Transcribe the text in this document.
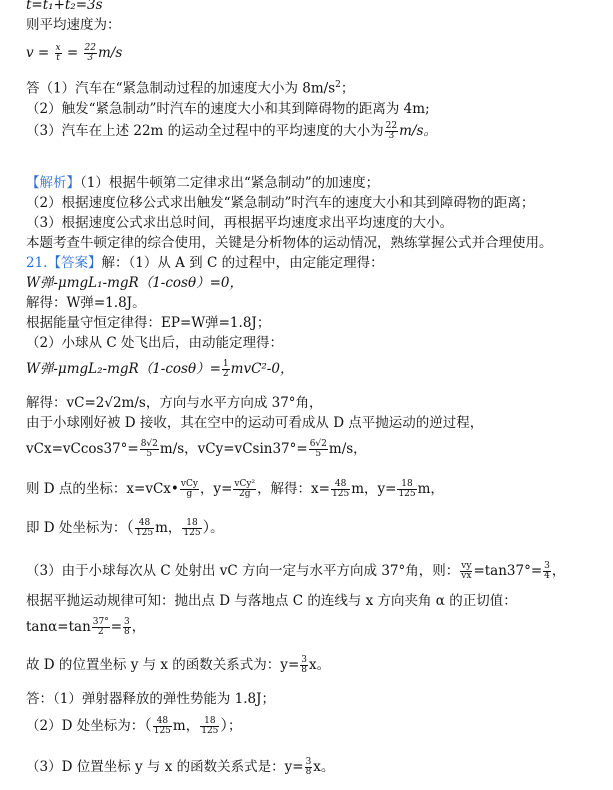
t=t₁+t₂=3s
则平均速度为：
$v = \frac{x}{t} = \frac{22}{3} m/s$
答（1）汽车在“紧急制动过程的加速度大小为 $8m/s^2$；
（2）触发“紧急制动”时汽车的速度大小和其到障碍物的距离为 4m;
（3）汽车在上述 22m 的运动全过程中的平均速度的大小为 $\frac{22}{3} m/s$。
【解析】（1）根据牛顿第二定律求出“紧急制动”的加速度；
（2）根据速度位移公式求出触发“紧急制动”时汽车的速度大小和其到障碍物的距离；
（3）根据速度公式求出总时间，再根据平均速度求出平均速度的大小。
本题考查牛顿定律的综合使用，关键是分析物体的运动情况，熟练掌握公式并合理使用。
21.【答案】解：（1）从 A 到 C 的过程中，由定能定理得：
W弹-μmgL₁-mgR（1-cosθ）=0，
解得：W弹=1.8J。
根据能量守恒定律得：EP=W弹=1.8J；
（2）小球从 C 处飞出后，由动能定理得：
W弹$-\mu mgL_2-mgR(1-\cos\theta)= \frac{1}{2} mvC^2-0$，
解得：vC=2√2m/s，方向与水平方向成 37°角，
由于小球刚好被 D 接收，其在空中的运动可看成从 D 点平抛运动的逆过程，
$vCx=vCcos37^\circ= \frac{8√2}{5} m/s$，$vCy=vCsin37^\circ= \frac{6√2}{5} m/s$，
则 D 点的坐标：x=vCx• $\frac{\text{vCy}}{g}$ ，$y= \frac{\text{vCy²}}{2g}$ ，解得：$x= \frac{48}{125}$ m，$y= \frac{18}{125}$ m，
即 D 处坐标为：（ $\frac{48}{125}$ m， $\frac{18}{125}$ ）。
（3）由于小球每次从 C 处射出 vC 方向一定与水平方向成 37°角，则： $\frac{vy}{vx} =\tan 37^\circ= \frac{3}{4}$ ，
根据平抛运动规律可知：抛出点 D 与落地点 C 的连线与 x 方向夹角 α 的正切值：
$\tan\alpha=\tan \frac{37^\circ}{2} = \frac{3}{8}$ ，
故 D 的位置坐标 y 与 x 的函数关系式为：$y= \frac{3}{8}$ x。
答：（1）弹射器释放的弹性势能为 1.8J；
（2）D 处坐标为：（ $\frac{48}{125}$ m， $\frac{18}{125}$ ）；
（3）D 位置坐标 y 与 x 的函数关系式是：$y= \frac{3}{8}$ x。
